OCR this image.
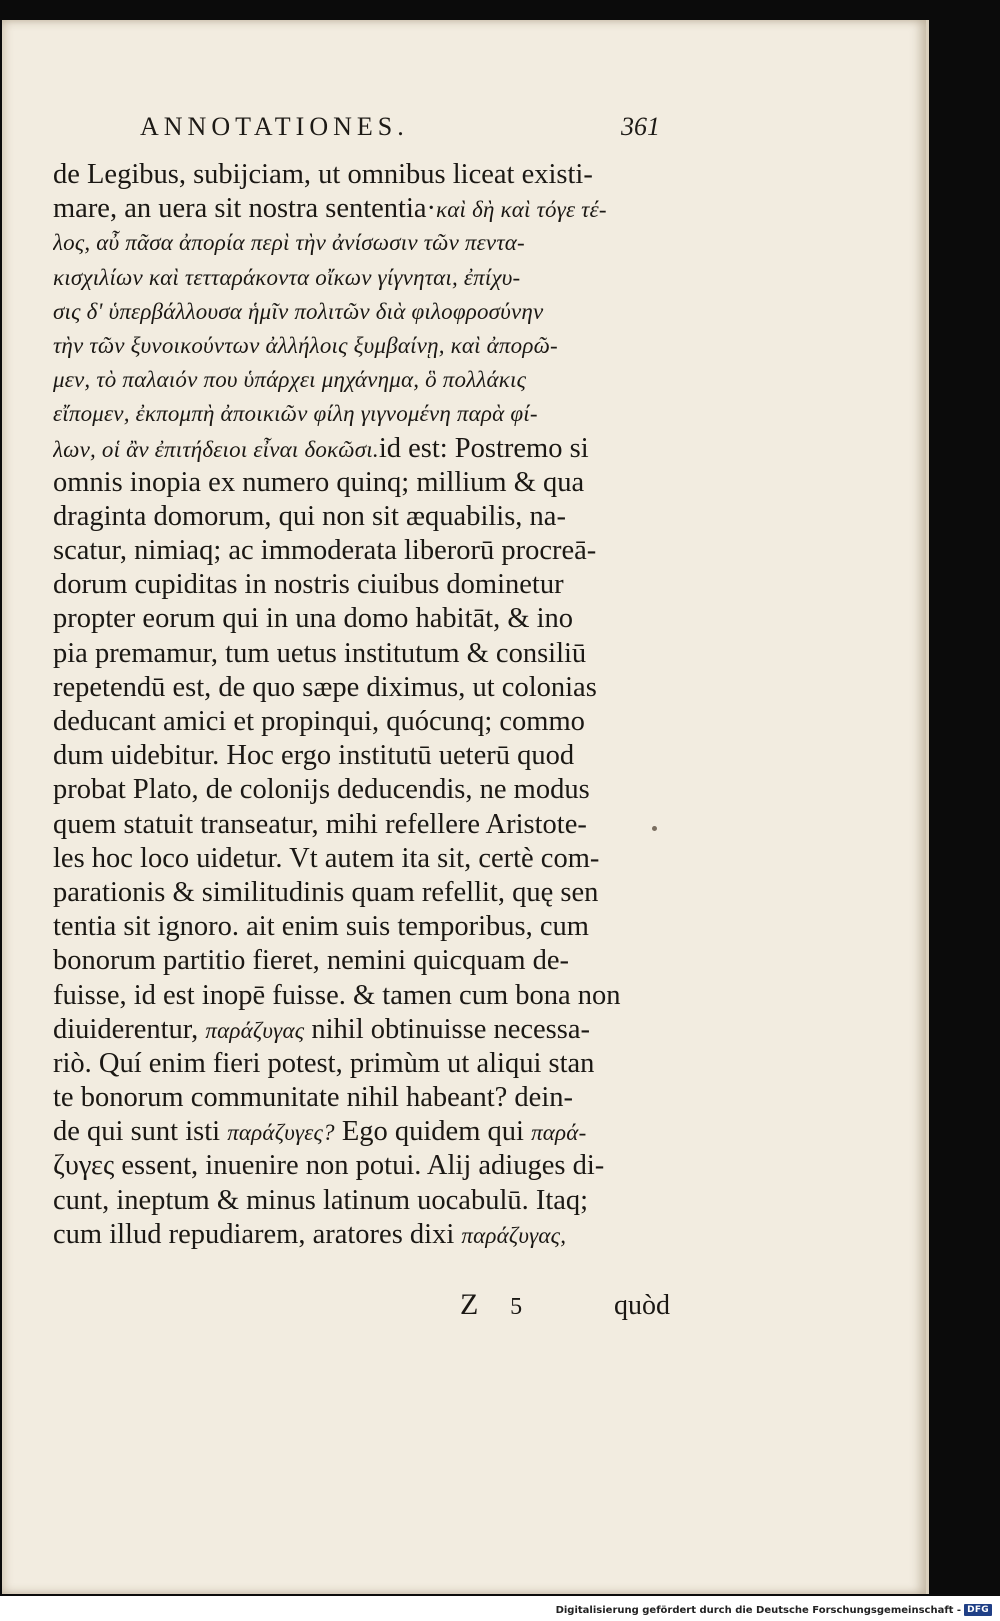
ANNOTATIONES.	361
de Legibus, subijciam, ut omnibus liceat existi-
mare, an uera sit nostra sententia·καὶ δὴ καὶ τόγε τέ-
λος, αὖ πᾶσα ἀπορία περὶ τὴν ἀνίσωσιν τῶν πεντα-
κισχιλίων καὶ τετταράκοντα οἴκων γίγνηται, ἐπίχυ-
σις δ' ὑπερβάλλουσα ἡμῖν πολιτῶν διὰ φιλοφροσύνην
τὴν τῶν ξυνοικούντων ἀλλήλοις ξυμβαίνῃ, καὶ ἀπορῶ-
μεν, τὸ παλαιόν που ὑπάρχει μηχάνημα, ὃ πολλάκις
εἴπομεν, ἐκπομπὴ ἀποικιῶν φίλη γιγνομένη παρὰ φί-
λων, οἱ ἂν ἐπιτήδειοι εἶναι δοκῶσι.id est: Postremo si
omnis inopia ex numero quinq; millium & qua
draginta domorum, qui non sit æquabilis, na-
scatur, nimiaq; ac immoderata liberorū procreā-
dorum cupiditas in nostris ciuibus dominetur
propter eorum qui in una domo habitāt, & ino
pia premamur, tum uetus institutum & consiliū
repetendū est, de quo sæpe diximus, ut colonias
deducant amici et propinqui, quócunq; commo
dum uidebitur. Hoc ergo institutū ueterū quod
probat Plato, de colonijs deducendis, ne modus
quem statuit transeatur, mihi refellere Aristote-
les hoc loco uidetur. Vt autem ita sit, certè com-
parationis & similitudinis quam refellit, quę sen
tentia sit ignoro. ait enim suis temporibus, cum
bonorum partitio fieret, nemini quicquam de-
fuisse, id est inopē fuisse. & tamen cum bona non
diuiderentur, παράζυγας nihil obtinuisse necessa-
riò. Quí enim fieri potest, primùm ut aliqui stan
te bonorum communitate nihil habeant? dein-
de qui sunt isti παράζυγες? Ego quidem qui παρά-
ζυγες essent, inuenire non potui. Alij adiuges di-
cunt, ineptum & minus latinum uocabulū. Itaq;
cum illud repudiarem, aratores dixi παράζυγας,
Z 5	quòd
Digitalisierung gefördert durch die Deutsche Forschungsgemeinschaft - DFG
